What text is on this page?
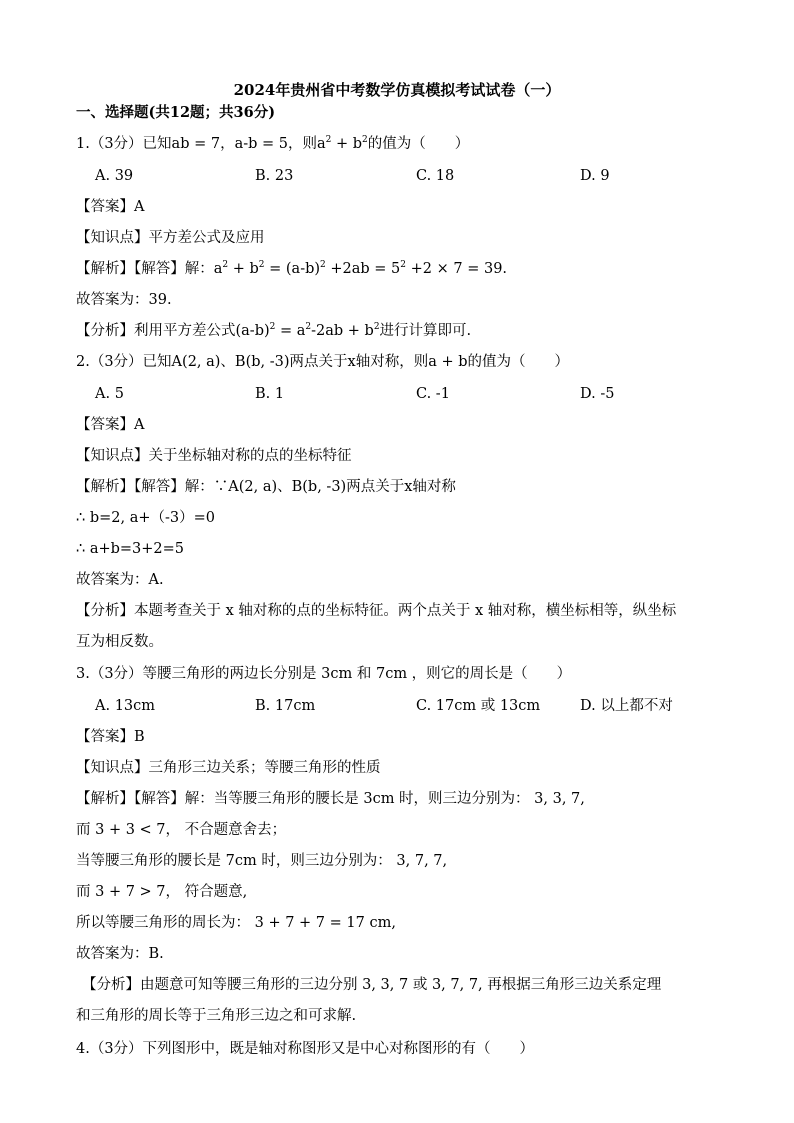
2024年贵州省中考数学仿真模拟考试试卷（一）
一、选择题(共12题；共36分)
1.（3分）已知ab = 7，a-b = 5，则$a^2 + b^2$的值为（　　）
A. 39	B. 23	C. 18	D. 9
【答案】A
【知识点】平方差公式及应用
【解析】【解答】解：$a^2 + b^2 = (a-b)^2 +2ab = 5^2 +2 \times 7 = 39$.
故答案为：39.
【分析】利用平方差公式$(a-b)^2 = a^2-2ab + b^2$进行计算即可.
2.（3分）已知A(2, a)、B(b, -3)两点关于x轴对称，则a + b的值为（　　）
A. 5	B. 1	C. -1	D. -5
【答案】A
【知识点】关于坐标轴对称的点的坐标特征
【解析】【解答】解：∵A(2, a)、B(b, -3)两点关于x轴对称
∴ b=2, a+（-3）=0
∴ a+b=3+2=5
故答案为：A.
【分析】本题考查关于 x 轴对称的点的坐标特征。两个点关于 x 轴对称，横坐标相等，纵坐标
互为相反数。
3.（3分）等腰三角形的两边长分别是 3cm 和 7cm ，则它的周长是（　　）
A. 13cm	B. 17cm	C. 17cm 或 13cm	D. 以上都不对
【答案】B
【知识点】三角形三边关系；等腰三角形的性质
【解析】【解答】解：当等腰三角形的腰长是 3cm 时，则三边分别为： 3, 3, 7,
而 3 + 3 < 7， 不合题意舍去；
当等腰三角形的腰长是 7cm 时，则三边分别为： 3, 7, 7,
而 3 + 7 > 7， 符合题意,
所以等腰三角形的周长为： 3 + 7 + 7 = 17 cm,
故答案为：B.
【分析】由题意可知等腰三角形的三边分别 3, 3, 7 或 3, 7, 7, 再根据三角形三边关系定理
和三角形的周长等于三角形三边之和可求解.
4.（3分）下列图形中，既是轴对称图形又是中心对称图形的有（　　）
